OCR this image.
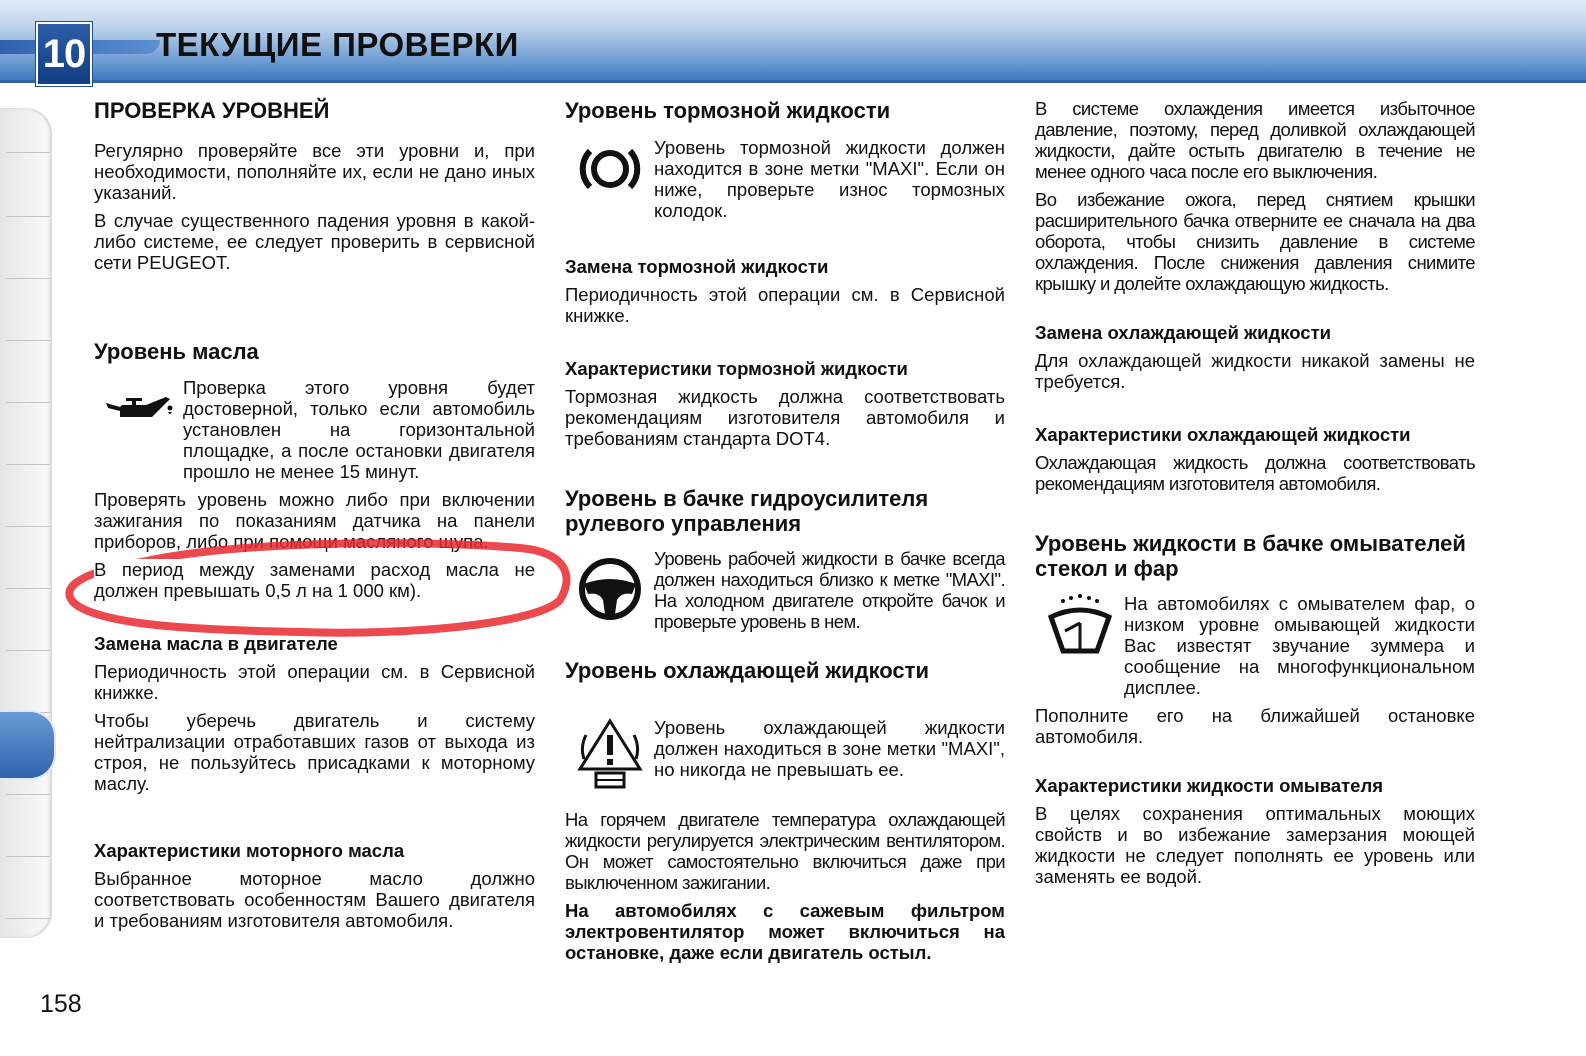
10 ТЕКУЩИЕ ПРОВЕРКИ
ПРОВЕРКА УРОВНЕЙ

Регулярно проверяйте все эти уровни и, при необходимости, пополняйте их, если не дано иных указаний.

В случае существенного падения уровня в какой-либо системе, ее следует проверить в сервисной сети PEUGEOT.

Уровень масла

Проверка этого уровня будет достоверной, только если автомобиль установлен на горизонтальной площадке, а после остановки двигателя прошло не менее 15 минут.

Проверять уровень можно либо при включении зажигания по показаниям датчика на панели приборов, либо при помощи масляного щупа.

В период между заменами расход масла не должен превышать 0,5 л на 1 000 км).

Замена масла в двигателе

Периодичность этой операции см. в Сервисной книжке.

Чтобы уберечь двигатель и систему нейтрализации отработавших газов от выхода из строя, не пользуйтесь присадками к моторному маслу.

Характеристики моторного масла

Выбранное моторное масло должно соответствовать особенностям Вашего двигателя и требованиям изготовителя автомобиля.

Уровень тормозной жидкости

Уровень тормозной жидкости должен находится в зоне метки "MAXI". Если он ниже, проверьте износ тормозных колодок.

Замена тормозной жидкости

Периодичность этой операции см. в Сервисной книжке.

Характеристики тормозной жидкости

Тормозная жидкость должна соответствовать рекомендациям изготовителя автомобиля и требованиям стандарта DOT4.

Уровень в бачке гидроусилителя рулевого управления

Уровень рабочей жидкости в бачке всегда должен находиться близко к метке "MAXI". На холодном двигателе откройте бачок и проверьте уровень в нем.

Уровень охлаждающей жидкости

Уровень охлаждающей жидкости должен находиться в зоне метки "MAXI", но никогда не превышать ее.

На горячем двигателе температура охлаждающей жидкости регулируется электрическим вентилятором. Он может самостоятельно включиться даже при выключенном зажигании.

На автомобилях с сажевым фильтром электровентилятор может включиться на остановке, даже если двигатель остыл.

В системе охлаждения имеется избыточное давление, поэтому, перед доливкой охлаждающей жидкости, дайте остыть двигателю в течение не менее одного часа после его выключения.

Во избежание ожога, перед снятием крышки расширительного бачка отверните ее сначала на два оборота, чтобы снизить давление в системе охлаждения. После снижения давления снимите крышку и долейте охлаждающую жидкость.

Замена охлаждающей жидкости

Для охлаждающей жидкости никакой замены не требуется.

Характеристики охлаждающей жидкости

Охлаждающая жидкость должна соответствовать рекомендациям изготовителя автомобиля.

Уровень жидкости в бачке омывателей стекол и фар

На автомобилях с омывателем фар, о низком уровне омывающей жидкости Вас известят звучание зуммера и сообщение на многофункциональном дисплее.

Пополните его на ближайшей остановке автомобиля.

Характеристики жидкости омывателя

В целях сохранения оптимальных моющих свойств и во избежание замерзания моющей жидкости не следует пополнять ее уровень или заменять ее водой.

158
